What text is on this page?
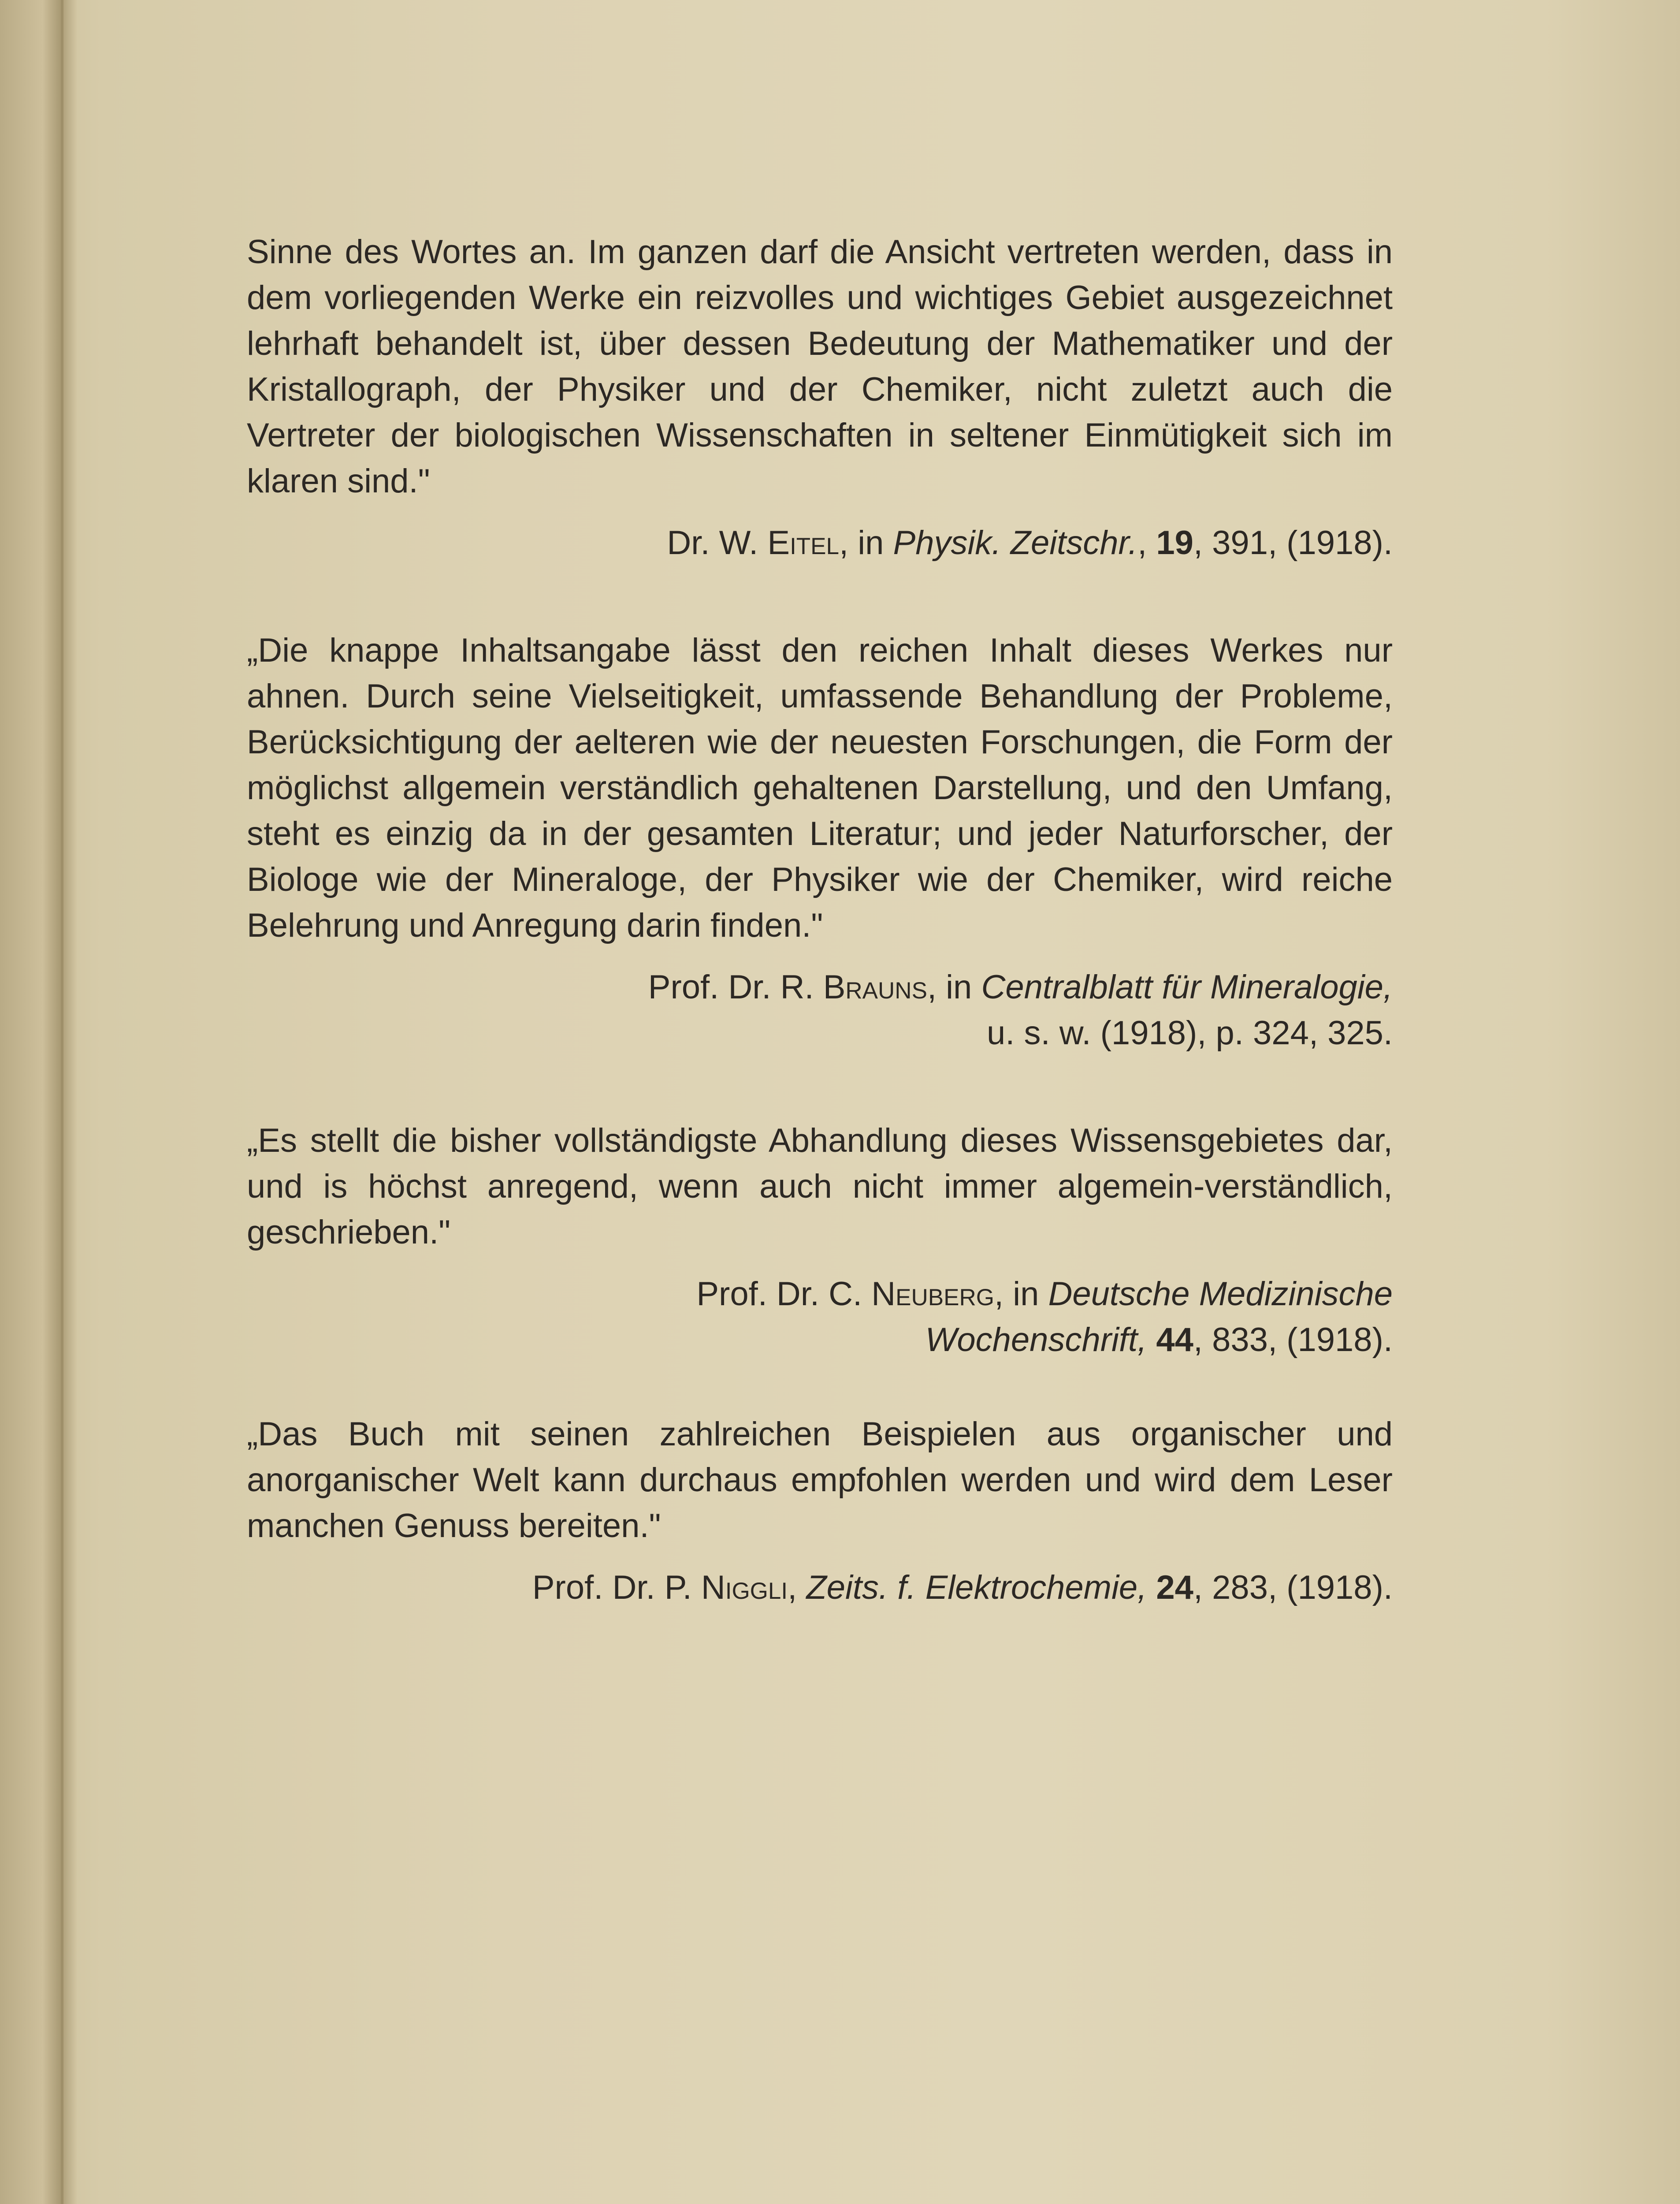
Sinne des Wortes an. Im ganzen darf die Ansicht vertreten werden, dass in dem vorliegenden Werke ein reizvolles und wichtiges Gebiet ausgezeichnet lehrhaft behandelt ist, über dessen Bedeutung der Mathematiker und der Kristallograph, der Physiker und der Chemiker, nicht zuletzt auch die Vertreter der biologischen Wissenschaften in seltener Einmütigkeit sich im klaren sind."

Dr. W. Eitel, in Physik. Zeitschr., 19, 391, (1918).

„Die knappe Inhaltsangabe lässt den reichen Inhalt dieses Werkes nur ahnen. Durch seine Vielseitigkeit, umfassende Behandlung der Probleme, Berücksichtigung der aelteren wie der neuesten Forschungen, die Form der möglichst allgemein verständlich gehaltenen Darstellung, und den Umfang, steht es einzig da in der gesamten Literatur; und jeder Naturforscher, der Biologe wie der Mineraloge, der Physiker wie der Chemiker, wird reiche Belehrung und Anregung darin finden."

Prof. Dr. R. Brauns, in Centralblatt für Mineralogie,
u. s. w. (1918), p. 324, 325.

„Es stellt die bisher vollständigste Abhandlung dieses Wissensgebietes dar, und is höchst anregend, wenn auch nicht immer algemein-verständlich, geschrieben."

Prof. Dr. C. Neuberg, in Deutsche Medizinische
Wochenschrift, 44, 833, (1918).

„Das Buch mit seinen zahlreichen Beispielen aus organischer und anorganischer Welt kann durchaus empfohlen werden und wird dem Leser manchen Genuss bereiten."

Prof. Dr. P. Niggli, Zeits. f. Elektrochemie, 24, 283, (1918).
